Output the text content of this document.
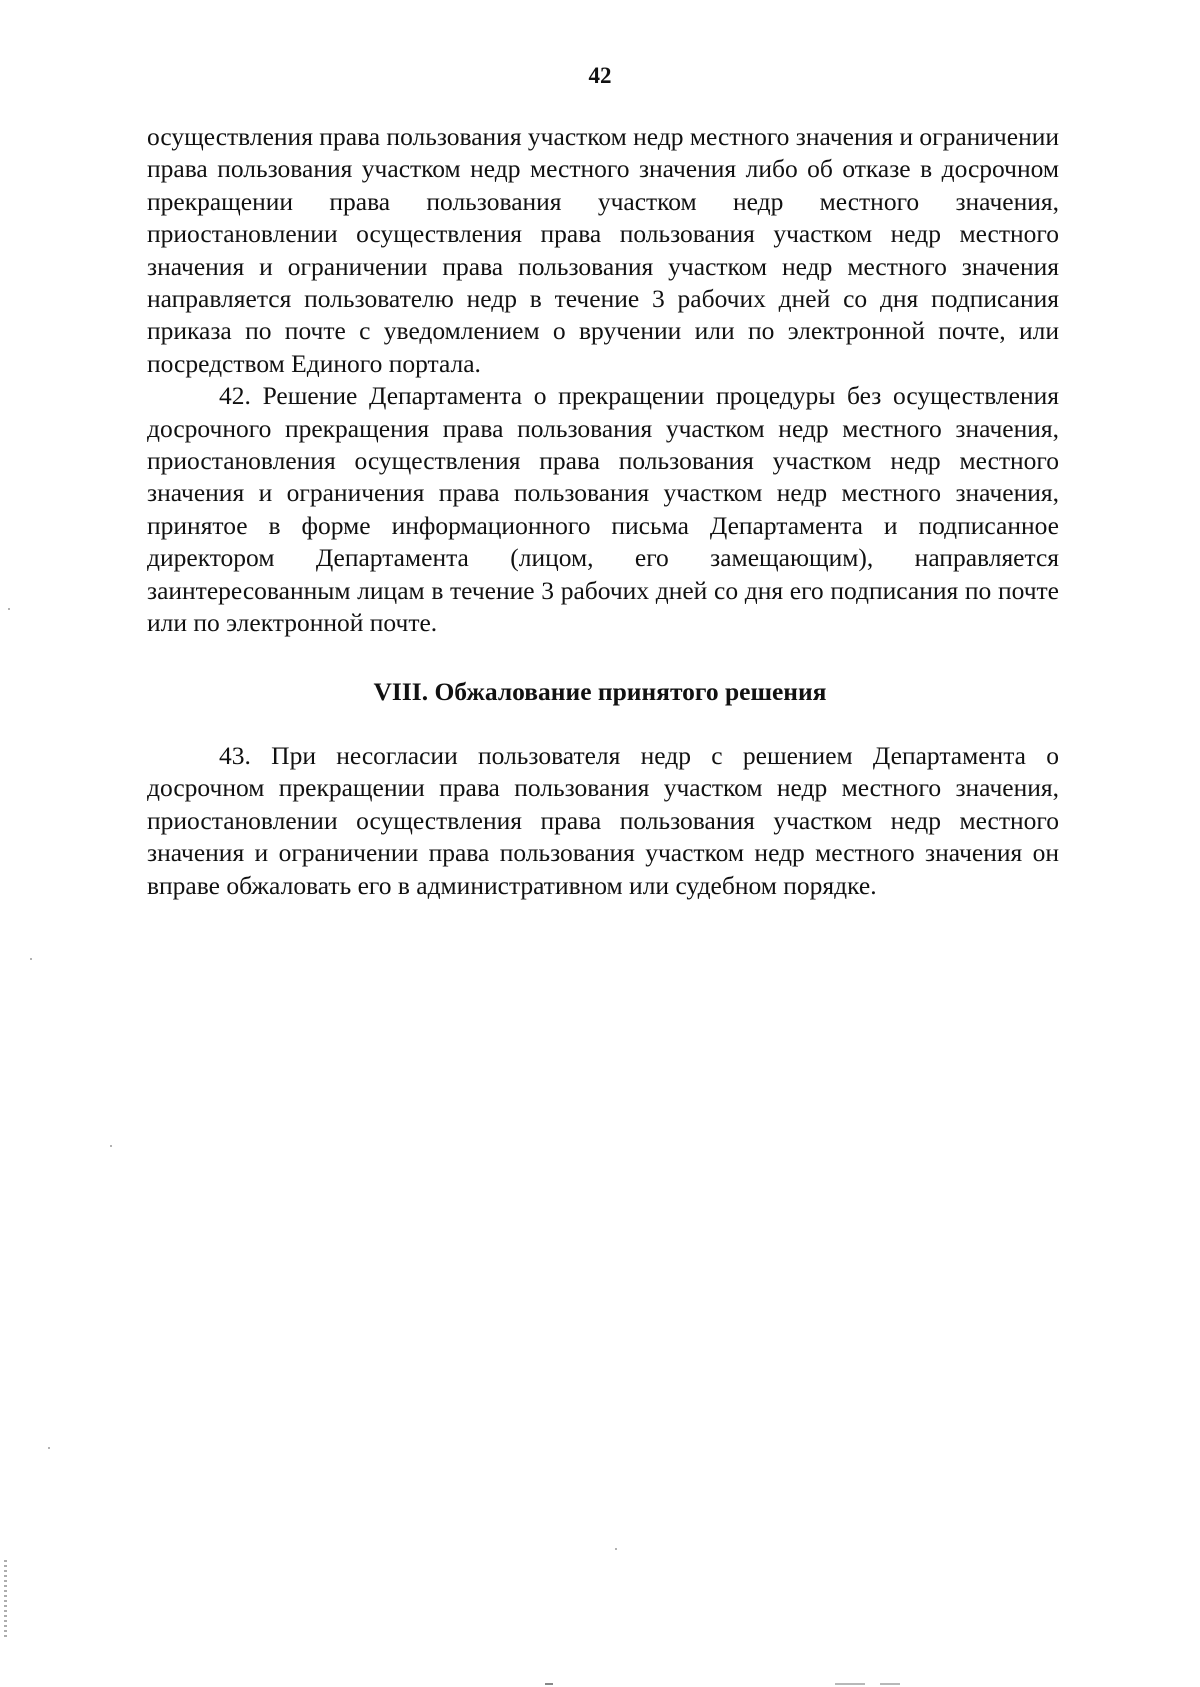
42

осуществления права пользования участком недр местного значения и ограничении права пользования участком недр местного значения либо об отказе в досрочном прекращении права пользования участком недр местного значения, приостановлении осуществления права пользования участком недр местного значения и ограничении права пользования участком недр местного значения направляется пользователю недр в течение 3 рабочих дней со дня подписания приказа по почте с уведомлением о вручении или по электронной почте, или посредством Единого портала.

42. Решение Департамента о прекращении процедуры без осуществления досрочного прекращения права пользования участком недр местного значения, приостановления осуществления права пользования участком недр местного значения и ограничения права пользования участком недр местного значения, принятое в форме информационного письма Департамента и подписанное директором Департамента (лицом, его замещающим), направляется заинтересованным лицам в течение 3 рабочих дней со дня его подписания по почте или по электронной почте.

VIII. Обжалование принятого решения

43. При несогласии пользователя недр с решением Департамента о досрочном прекращении права пользования участком недр местного значения, приостановлении осуществления права пользования участком недр местного значения и ограничении права пользования участком недр местного значения он вправе обжаловать его в административном или судебном порядке.
